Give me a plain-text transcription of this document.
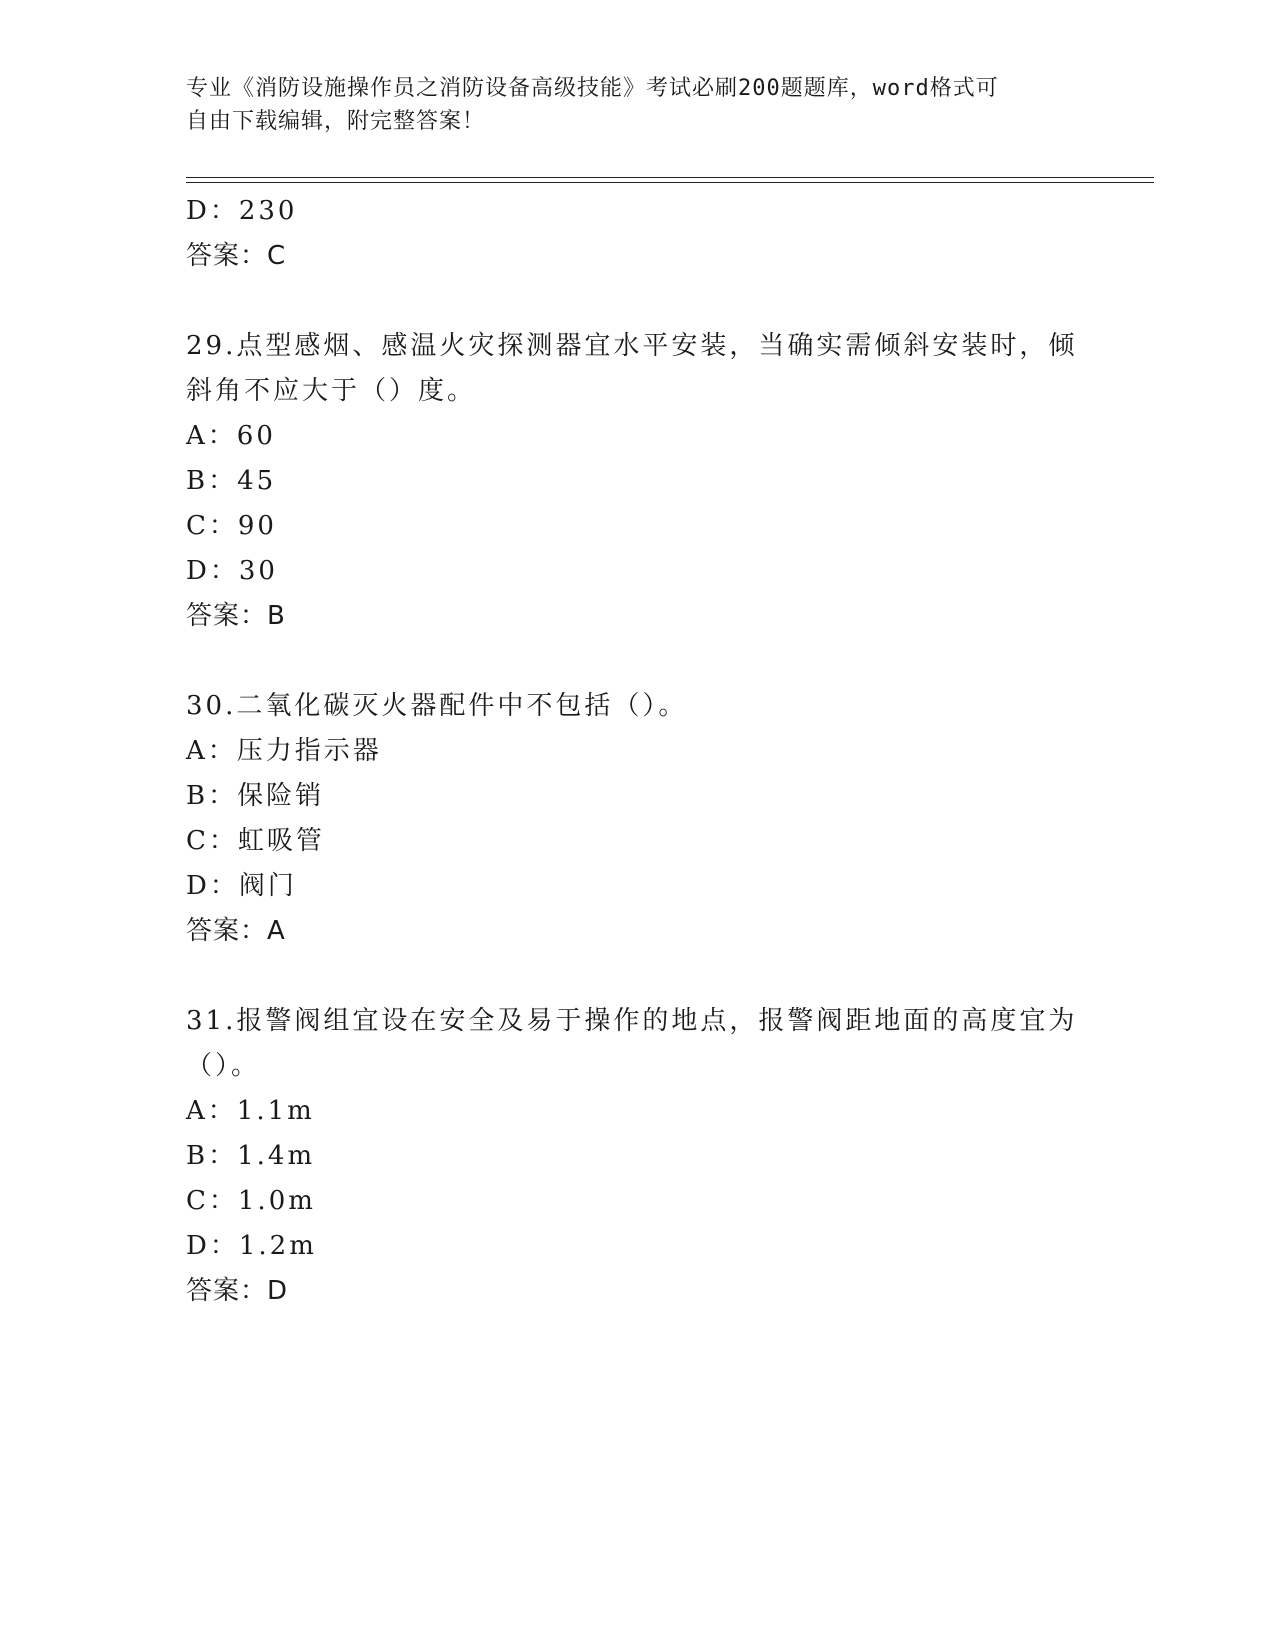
专业《消防设施操作员之消防设备高级技能》考试必刷200题题库，word格式可
自由下载编辑，附完整答案！
D：230
答案：C
29.点型感烟、感温火灾探测器宜水平安装，当确实需倾斜安装时，倾
斜角不应大于（）度。
A：60
B：45
C：90
D：30
答案：B
30.二氧化碳灭火器配件中不包括（）。
A：压力指示器
B：保险销
C：虹吸管
D：阀门
答案：A
31.报警阀组宜设在安全及易于操作的地点，报警阀距地面的高度宜为
（）。
A：1.1m
B：1.4m
C：1.0m
D：1.2m
答案：D
